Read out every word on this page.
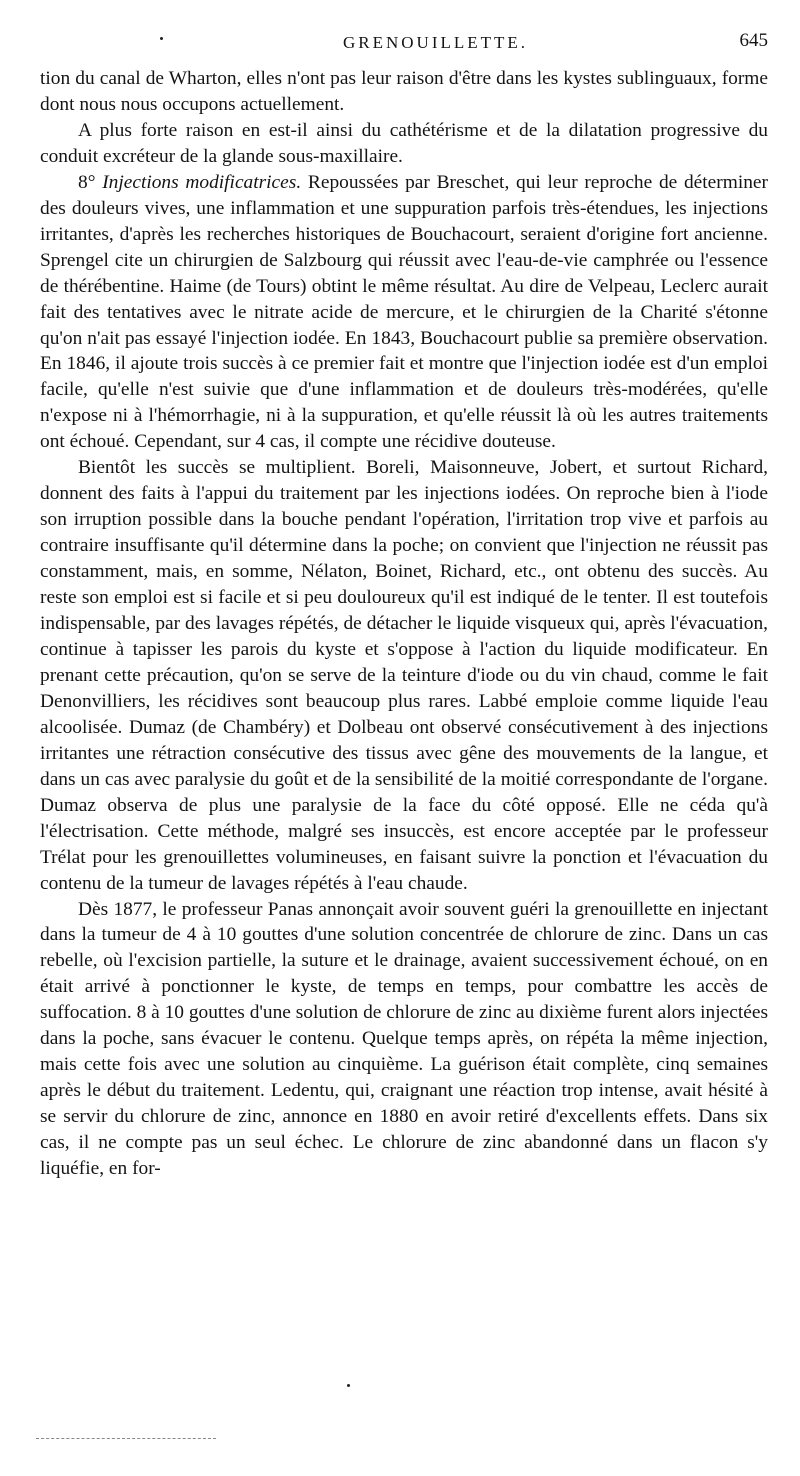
GRENOUILLETTE.	645

tion du canal de Wharton, elles n'ont pas leur raison d'être dans les kystes sublinguaux, forme dont nous nous occupons actuellement.

A plus forte raison en est-il ainsi du cathétérisme et de la dilatation progressive du conduit excréteur de la glande sous-maxillaire.

8° Injections modificatrices. Repoussées par Breschet, qui leur reproche de déterminer des douleurs vives, une inflammation et une suppuration parfois très-étendues, les injections irritantes, d'après les recherches historiques de Bouchacourt, seraient d'origine fort ancienne. Sprengel cite un chirurgien de Salzbourg qui réussit avec l'eau-de-vie camphrée ou l'essence de thérébentine. Haime (de Tours) obtint le même résultat. Au dire de Velpeau, Leclerc aurait fait des tentatives avec le nitrate acide de mercure, et le chirurgien de la Charité s'étonne qu'on n'ait pas essayé l'injection iodée. En 1843, Bouchacourt publie sa première observation. En 1846, il ajoute trois succès à ce premier fait et montre que l'injection iodée est d'un emploi facile, qu'elle n'est suivie que d'une inflammation et de douleurs très-modérées, qu'elle n'expose ni à l'hémorrhagie, ni à la suppuration, et qu'elle réussit là où les autres traitements ont échoué. Cependant, sur 4 cas, il compte une récidive douteuse.

Bientôt les succès se multiplient. Boreli, Maisonneuve, Jobert, et surtout Richard, donnent des faits à l'appui du traitement par les injections iodées. On reproche bien à l'iode son irruption possible dans la bouche pendant l'opération, l'irritation trop vive et parfois au contraire insuffisante qu'il détermine dans la poche; on convient que l'injection ne réussit pas constamment, mais, en somme, Nélaton, Boinet, Richard, etc., ont obtenu des succès. Au reste son emploi est si facile et si peu douloureux qu'il est indiqué de le tenter. Il est toutefois indispensable, par des lavages répétés, de détacher le liquide visqueux qui, après l'évacuation, continue à tapisser les parois du kyste et s'oppose à l'action du liquide modificateur. En prenant cette précaution, qu'on se serve de la teinture d'iode ou du vin chaud, comme le fait Denonvilliers, les récidives sont beaucoup plus rares. Labbé emploie comme liquide l'eau alcoolisée. Dumaz (de Chambéry) et Dolbeau ont observé consécutivement à des injections irritantes une rétraction consécutive des tissus avec gêne des mouvements de la langue, et dans un cas avec paralysie du goût et de la sensibilité de la moitié correspondante de l'organe. Dumaz observa de plus une paralysie de la face du côté opposé. Elle ne céda qu'à l'électrisation. Cette méthode, malgré ses insuccès, est encore acceptée par le professeur Trélat pour les grenouillettes volumineuses, en faisant suivre la ponction et l'évacuation du contenu de la tumeur de lavages répétés à l'eau chaude.

Dès 1877, le professeur Panas annonçait avoir souvent guéri la grenouillette en injectant dans la tumeur de 4 à 10 gouttes d'une solution concentrée de chlorure de zinc. Dans un cas rebelle, où l'excision partielle, la suture et le drainage, avaient successivement échoué, on en était arrivé à ponctionner le kyste, de temps en temps, pour combattre les accès de suffocation. 8 à 10 gouttes d'une solution de chlorure de zinc au dixième furent alors injectées dans la poche, sans évacuer le contenu. Quelque temps après, on répéta la même injection, mais cette fois avec une solution au cinquième. La guérison était complète, cinq semaines après le début du traitement. Ledentu, qui, craignant une réaction trop intense, avait hésité à se servir du chlorure de zinc, annonce en 1880 en avoir retiré d'excellents effets. Dans six cas, il ne compte pas un seul échec. Le chlorure de zinc abandonné dans un flacon s'y liquéfie, en for-
